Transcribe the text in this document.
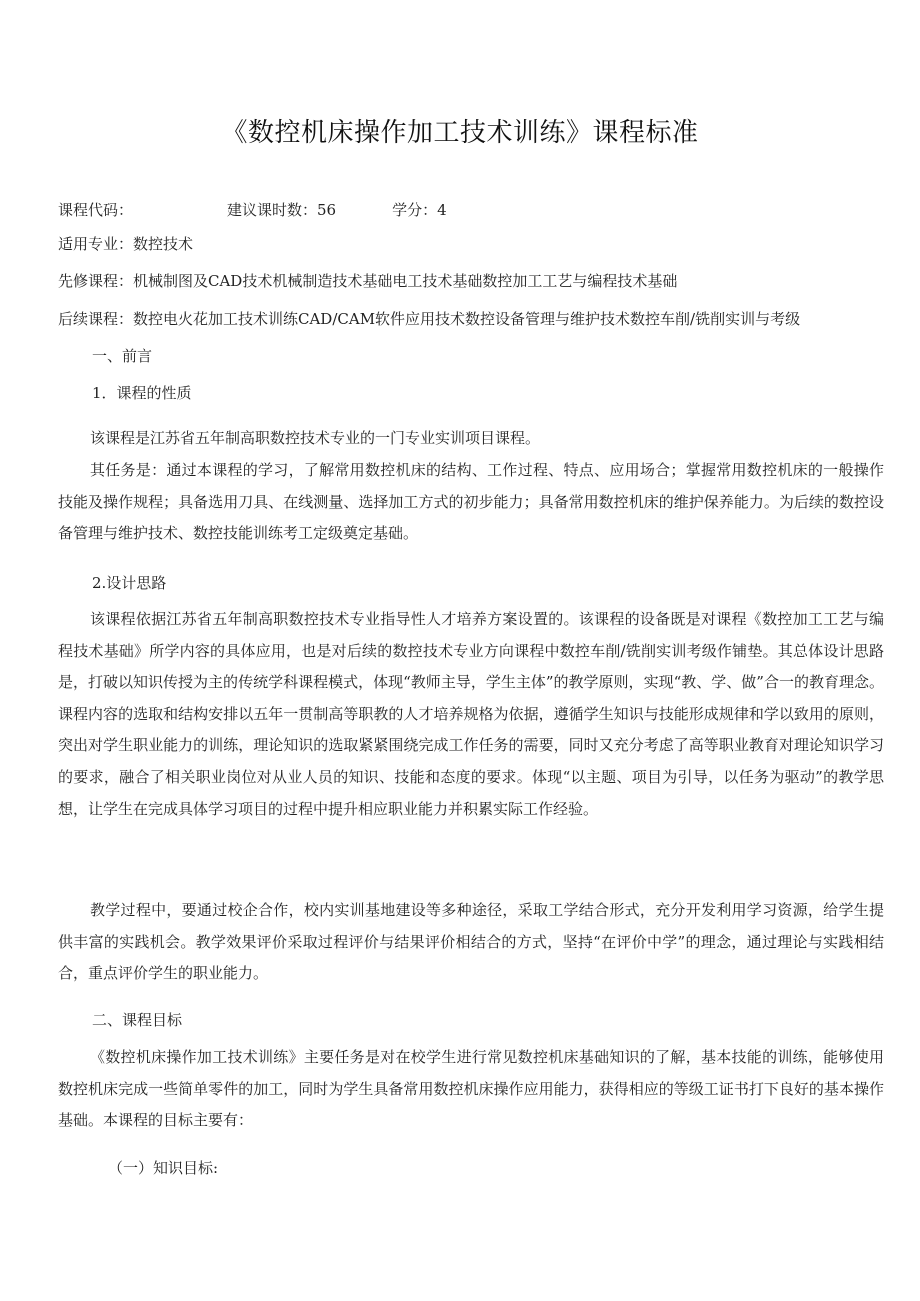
《数控机床操作加工技术训练》课程标准
课程代码：	建议课时数：56	学分：4
适用专业：数控技术
先修课程：机械制图及CAD技术机械制造技术基础电工技术基础数控加工工艺与编程技术基础
后续课程：数控电火花加工技术训练CAD/CAM软件应用技术数控设备管理与维护技术数控车削/铣削实训与考级
一、前言
1．课程的性质
该课程是江苏省五年制高职数控技术专业的一门专业实训项目课程。
其任务是：通过本课程的学习，了解常用数控机床的结构、工作过程、特点、应用场合；掌握常用数控机床的一般操作技能及操作规程；具备选用刀具、在线测量、选择加工方式的初步能力；具备常用数控机床的维护保养能力。为后续的数控设备管理与维护技术、数控技能训练考工定级奠定基础。
2.设计思路
该课程依据江苏省五年制高职数控技术专业指导性人才培养方案设置的。该课程的设备既是对课程《数控加工工艺与编程技术基础》所学内容的具体应用，也是对后续的数控技术专业方向课程中数控车削/铣削实训考级作铺垫。其总体设计思路是，打破以知识传授为主的传统学科课程模式，体现“教师主导，学生主体”的教学原则，实现“教、学、做”合一的教育理念。课程内容的选取和结构安排以五年一贯制高等职教的人才培养规格为依据，遵循学生知识与技能形成规律和学以致用的原则，突出对学生职业能力的训练，理论知识的选取紧紧围绕完成工作任务的需要，同时又充分考虑了高等职业教育对理论知识学习的要求，融合了相关职业岗位对从业人员的知识、技能和态度的要求。体现“以主题、项目为引导，以任务为驱动”的教学思想，让学生在完成具体学习项目的过程中提升相应职业能力并积累实际工作经验。
教学过程中，要通过校企合作，校内实训基地建设等多种途径，采取工学结合形式，充分开发利用学习资源，给学生提供丰富的实践机会。教学效果评价采取过程评价与结果评价相结合的方式，坚持“在评价中学”的理念，通过理论与实践相结合，重点评价学生的职业能力。
二、课程目标
《数控机床操作加工技术训练》主要任务是对在校学生进行常见数控机床基础知识的了解，基本技能的训练，能够使用数控机床完成一些简单零件的加工，同时为学生具备常用数控机床操作应用能力，获得相应的等级工证书打下良好的基本操作基础。本课程的目标主要有：
（一）知识目标:
